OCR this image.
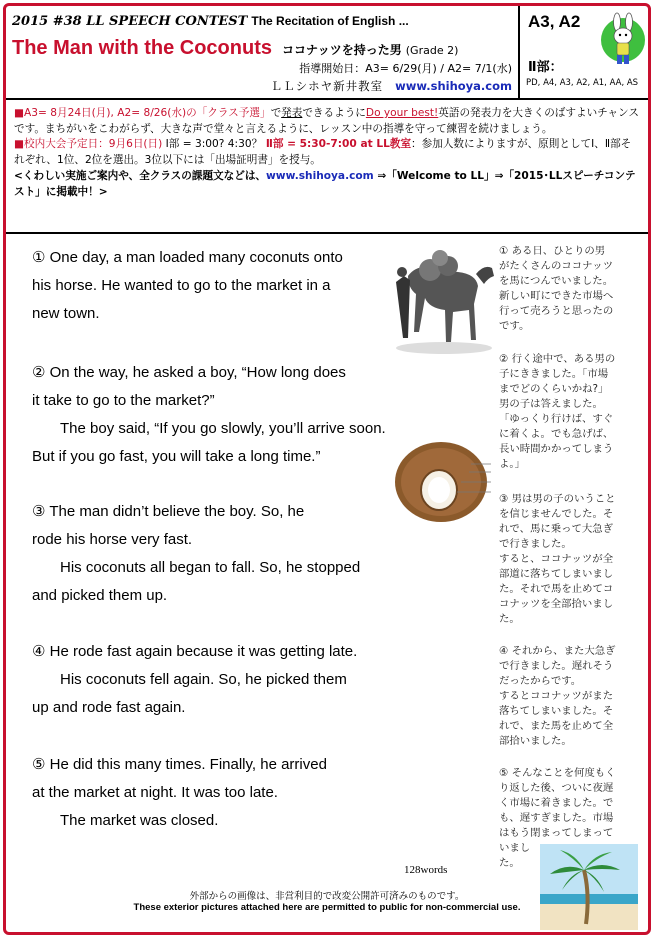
2015 #38 LL SPEECH CONTEST The Recitation of English ...
The Man with the Coconuts ココナッツを持った男 (Grade 2)
指導開始日：A3= 6/29(月) / A2= 7/1(水)
ＬＬシホヤ新井教室 www.shihoya.com
A3, A2
Ⅱ部：
PD, A4, A3, A2, A1, AA, AS

■A3= 8月24日(月), A2= 8/26(水)の「クラス予選」で発表できるようにDo your best!英語の発表力を大きくのばすよいチャンスです。まちがいをこわがらず、大きな声で堂々と言えるように、レッスン中の指導を守って練習を続けましょう。

■校内大会予定日：9月6日(日) Ⅰ部 = 3:00? 4:30？ Ⅱ部 = 5:30-7:00 at LL教室：参加人数によりますが、原則としてⅠ、Ⅱ部それぞれ、1位、2位を選出。3位以下には「出場証明書」を授与。

<くわしい実施ご案内や、全クラスの課題文などは、www.shihoya.com ⇒「Welcome to LL」⇒「2015･LLスピーチコンテスト」に掲載中！>

① One day, a man loaded many coconuts onto
his horse. He wanted to go to the market in a
new town.
② On the way, he asked a boy, “How long does
it take to go to the market?”
The boy said, “If you go slowly, you’ll arrive soon.
But if you go fast, you will take a long time.”
③ The man didn’t believe the boy. So, he
rode his horse very fast.
His coconuts all began to fall. So, he stopped
and picked them up.
④ He rode fast again because it was getting late.
His coconuts fell again. So, he picked them
up and rode fast again.
⑤ He did this many times. Finally, he arrived
at the market at night. It was too late.
The market was closed.
128words
① ある日、ひとりの男
がたくさんのココナッツ
を馬につんでいました。
新しい町にできた市場へ
行って売ろうと思ったの
です。
② 行く途中で、ある男の
子にききました。「市場
までどのくらいかね?」
男の子は答えました。
「ゆっくり行けば、すぐ
に着くよ。でも急げば、
長い時間かかってしまう
よ。」
③ 男は男の子のいうこと
を信じませんでした。そ
れで、馬に乗って大急ぎ
で行きました。
すると、ココナッツが全
部道に落ちてしまいまし
た。それで馬を止めてコ
コナッツを全部拾いまし
た。
④ それから、また大急ぎ
で行きました。遅れそう
だったからです。
するとココナッツがまた
落ちてしまいました。そ
れで、また馬を止めて全
部拾いました。
⑤ そんなことを何度もく
り返した後、ついに夜遅
く市場に着きました。で
も、遅すぎました。市場
はもう閉まってしまって
いまし
た。
外部からの画像は、非営利目的で改変公開許可済みのものです。
These exterior pictures attached here are permitted to public for non-commercial use.
